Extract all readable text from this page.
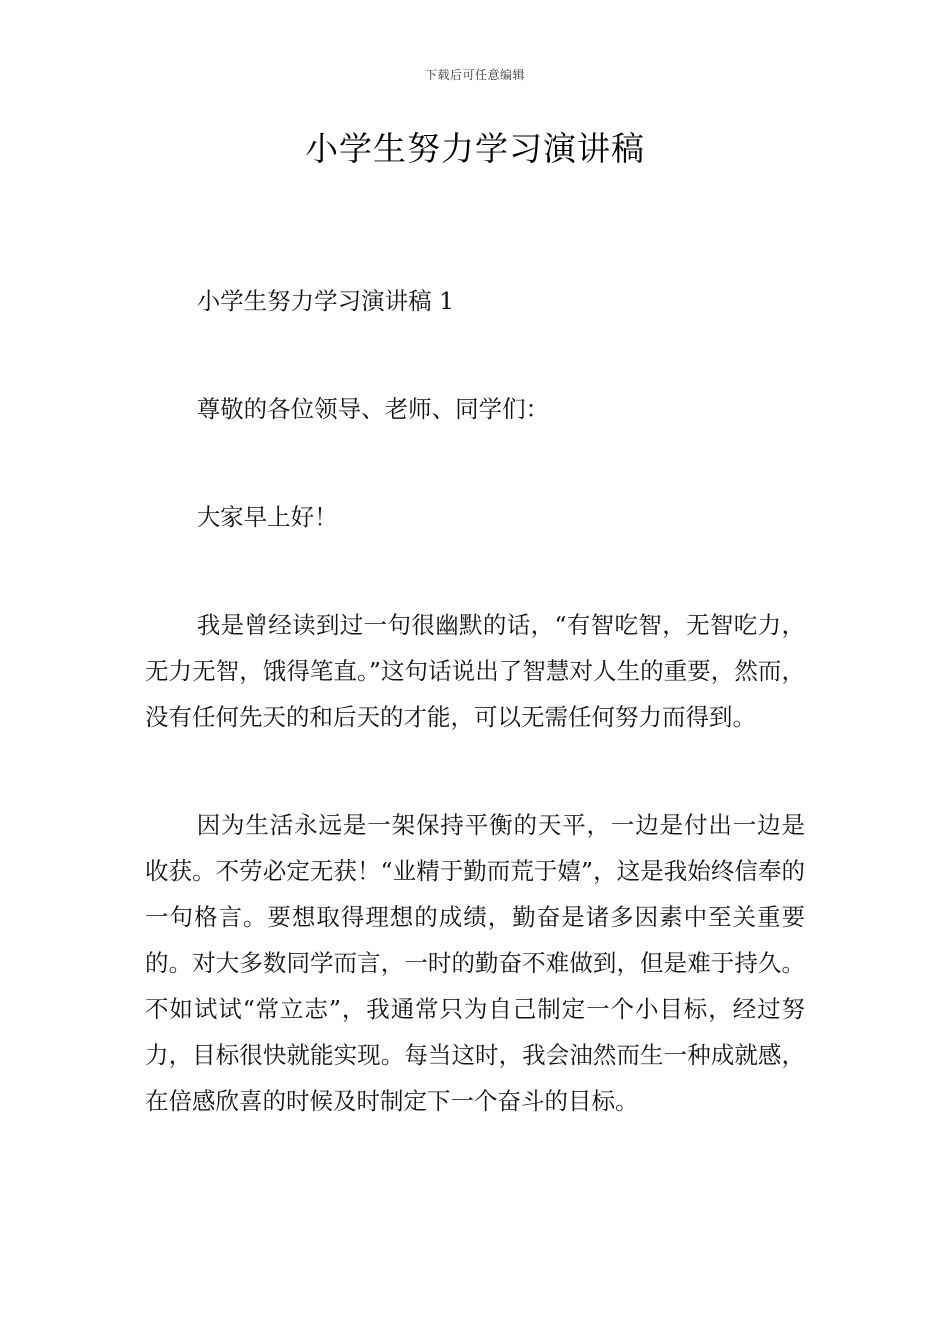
下载后可任意编辑
小学生努力学习演讲稿

小学生努力学习演讲稿 1

尊敬的各位领导、老师、同学们：

大家早上好！

我是曾经读到过一句很幽默的话，“有智吃智，无智吃力，无力无智，饿得笔直。”这句话说出了智慧对人生的重要，然而，没有任何先天的和后天的才能，可以无需任何努力而得到。

因为生活永远是一架保持平衡的天平，一边是付出一边是收获。不劳必定无获！“业精于勤而荒于嬉”，这是我始终信奉的一句格言。要想取得理想的成绩，勤奋是诸多因素中至关重要的。对大多数同学而言，一时的勤奋不难做到，但是难于持久。不如试试“常立志”，我通常只为自己制定一个小目标，经过努力，目标很快就能实现。每当这时，我会油然而生一种成就感，在倍感欣喜的时候及时制定下一个奋斗的目标。
